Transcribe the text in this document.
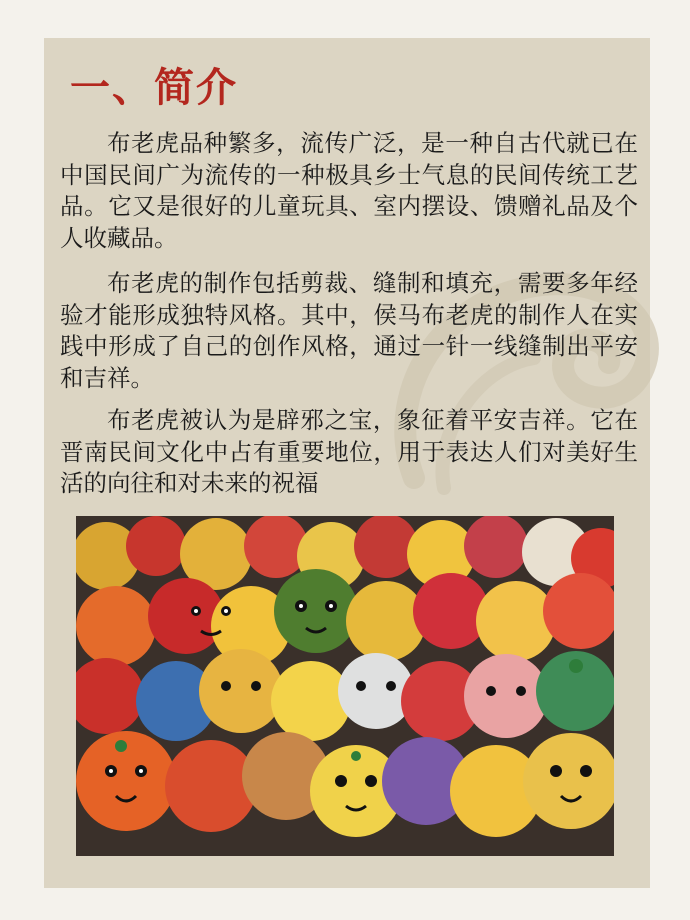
一、简介

布老虎品种繁多，流传广泛，是一种自古代就已在中国民间广为流传的一种极具乡士气息的民间传统工艺品。它又是很好的儿童玩具、室内摆设、馈赠礼品及个人收藏品。

布老虎的制作包括剪裁、缝制和填充，需要多年经验才能形成独特风格。其中，侯马布老虎的制作人在实践中形成了自己的创作风格，通过一针一线缝制出平安和吉祥。

布老虎被认为是辟邪之宝，象征着平安吉祥。它在晋南民间文化中占有重要地位，用于表达人们对美好生活的向往和对未来的祝福
